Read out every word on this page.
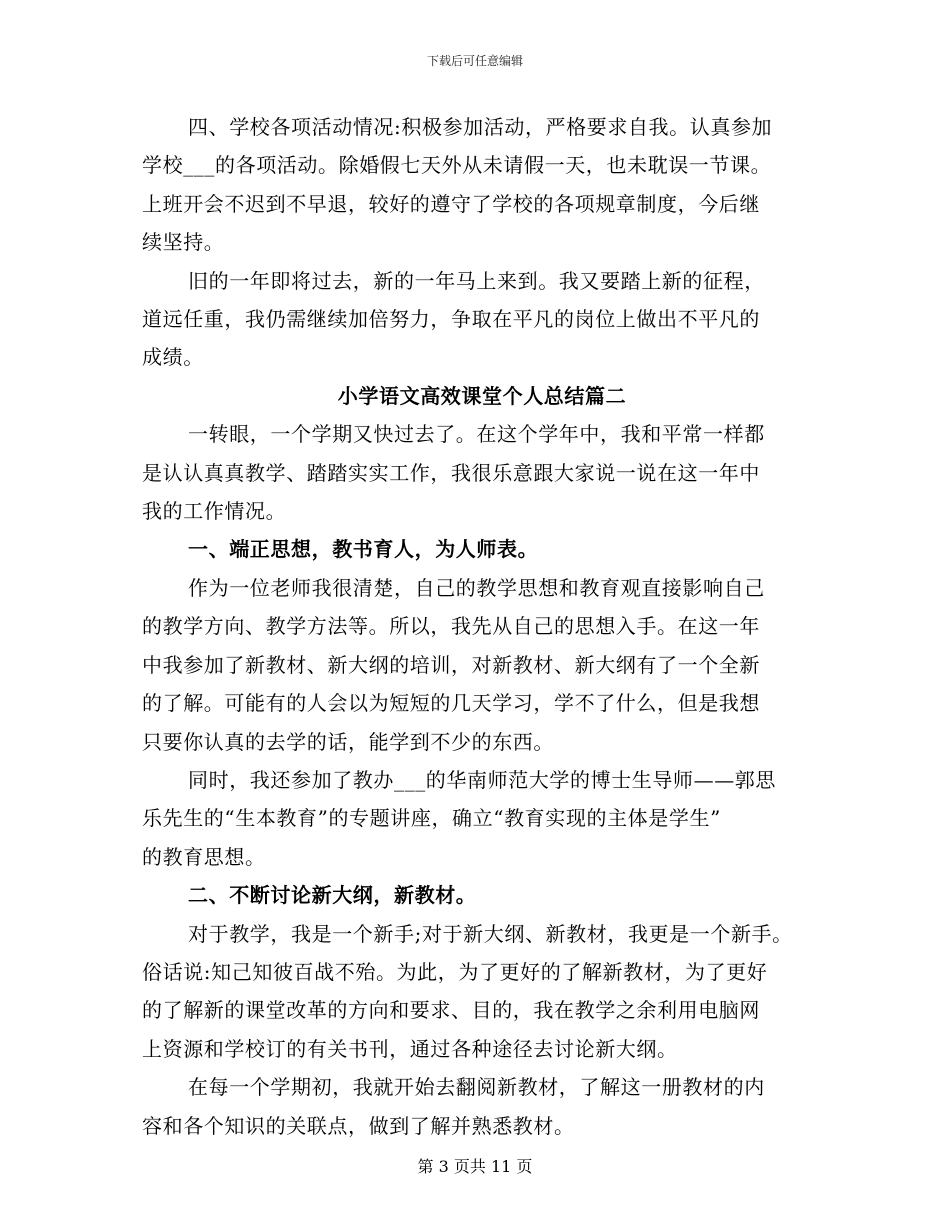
下载后可任意编辑
四、学校各项活动情况:积极参加活动，严格要求自我。认真参加
学校___的各项活动。除婚假七天外从未请假一天，也未耽误一节课。
上班开会不迟到不早退，较好的遵守了学校的各项规章制度，今后继
续坚持。
旧的一年即将过去，新的一年马上来到。我又要踏上新的征程，
道远任重，我仍需继续加倍努力，争取在平凡的岗位上做出不平凡的
成绩。
小学语文高效课堂个人总结篇二
一转眼，一个学期又快过去了。在这个学年中，我和平常一样都
是认认真真教学、踏踏实实工作，我很乐意跟大家说一说在这一年中
我的工作情况。
一、端正思想，教书育人，为人师表。
作为一位老师我很清楚，自己的教学思想和教育观直接影响自己
的教学方向、教学方法等。所以，我先从自己的思想入手。在这一年
中我参加了新教材、新大纲的培训，对新教材、新大纲有了一个全新
的了解。可能有的人会以为短短的几天学习，学不了什么，但是我想
只要你认真的去学的话，能学到不少的东西。
同时，我还参加了教办___的华南师范大学的博士生导师——郭思
乐先生的“生本教育”的专题讲座，确立“教育实现的主体是学生”
的教育思想。
二、不断讨论新大纲，新教材。
对于教学，我是一个新手;对于新大纲、新教材，我更是一个新手。
俗话说:知己知彼百战不殆。为此，为了更好的了解新教材，为了更好
的了解新的课堂改革的方向和要求、目的，我在教学之余利用电脑网
上资源和学校订的有关书刊，通过各种途径去讨论新大纲。
在每一个学期初，我就开始去翻阅新教材，了解这一册教材的内
容和各个知识的关联点，做到了解并熟悉教材。
第 3 页共 11 页
